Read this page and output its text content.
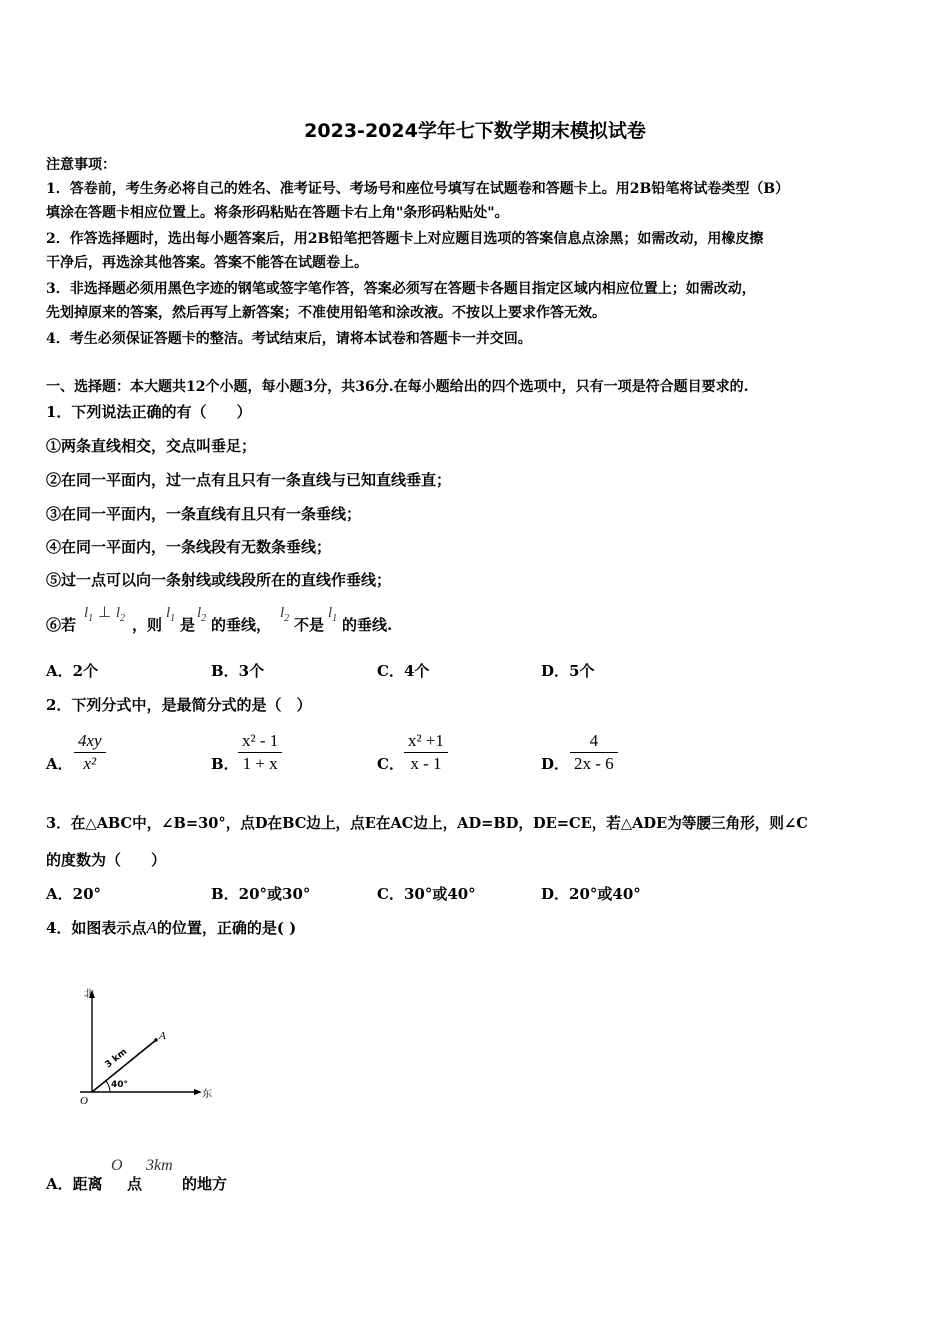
2023-2024学年七下数学期末模拟试卷
注意事项：
1．答卷前，考生务必将自己的姓名、准考证号、考场号和座位号填写在试题卷和答题卡上。用2B铅笔将试卷类型（B）
填涂在答题卡相应位置上。将条形码粘贴在答题卡右上角"条形码粘贴处"。
2．作答选择题时，选出每小题答案后，用2B铅笔把答题卡上对应题目选项的答案信息点涂黑；如需改动，用橡皮擦
干净后，再选涂其他答案。答案不能答在试题卷上。
3．非选择题必须用黑色字迹的钢笔或签字笔作答，答案必须写在答题卡各题目指定区域内相应位置上；如需改动，
先划掉原来的答案，然后再写上新答案；不准使用铅笔和涂改液。不按以上要求作答无效。
4．考生必须保证答题卡的整洁。考试结束后，请将本试卷和答题卡一并交回。
一、选择题：本大题共12个小题，每小题3分，共36分.在每小题给出的四个选项中，只有一项是符合题目要求的.
1．下列说法正确的有（　　）
①两条直线相交，交点叫垂足；
②在同一平面内，过一点有且只有一条直线与已知直线垂直；
③在同一平面内，一条直线有且只有一条垂线；
④在同一平面内，一条线段有无数条垂线；
⑤过一点可以向一条射线或线段所在的直线作垂线；
⑥若
$l_1$ ⊥ $l_2$ ，则
$l_1$ 是
$l_2$ 的垂线，
$l_2$ 不是
$l_1$ 的垂线.
A．2个	B．3个	C．4个	D．5个
2．下列分式中，是最简分式的是（　）
A． $\frac{4xy}{\text{x²}}$	B． $\frac{\text{x² - 1}}{1 + x}$	C． $\frac{\text{x² +1}}{x - 1}$	D． $\frac{4}{2x - 6}$
3．在△ABC中，∠B=30°，点D在BC边上，点E在AC边上，AD=BD，DE=CE，若△ADE为等腰三角形，则∠C
的度数为（　　）
A．20°	B．20°或30°	C．30°或40°	D．20°或40°
4．如图表示点A的位置，正确的是( )
北
东
O
A
3 km
40°
A．距离
O
点
3km
的地方
